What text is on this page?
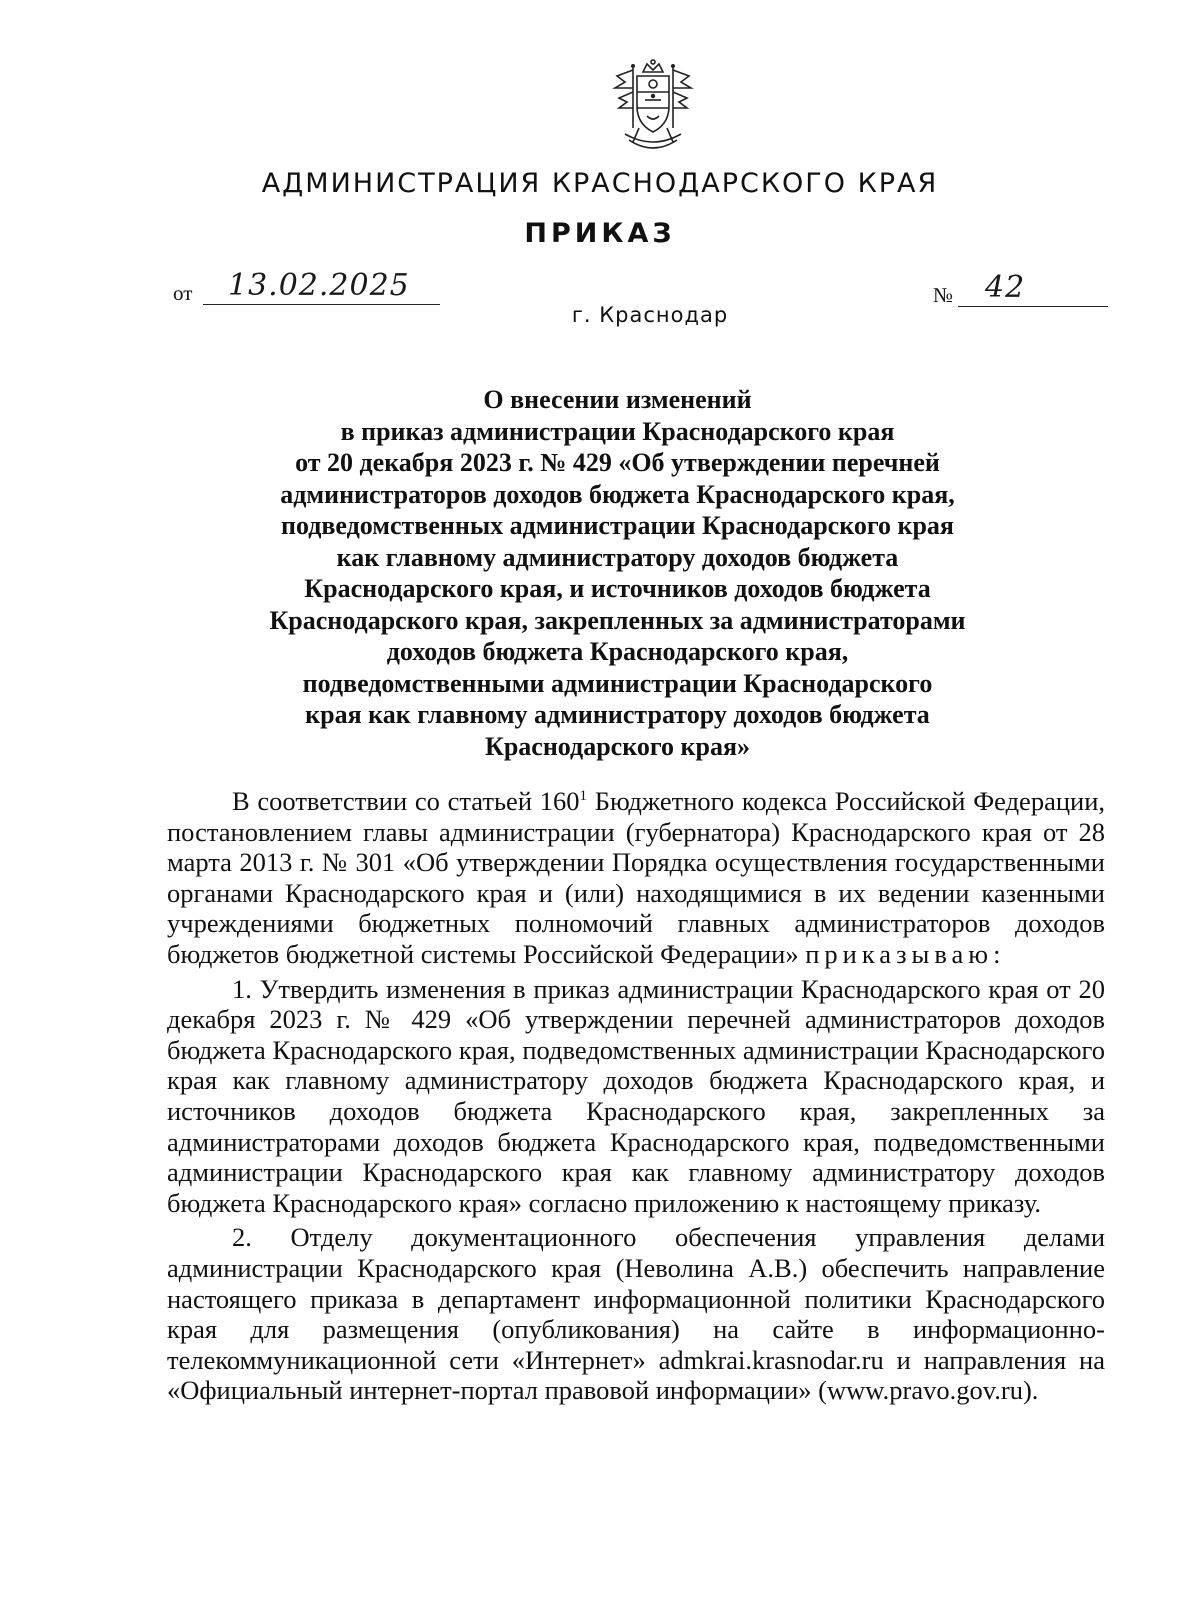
АДМИНИСТРАЦИЯ КРАСНОДАРСКОГО КРАЯ
ПРИКАЗ
от 13.02.2025	№ 42
г. Краснодар
О внесении изменений
в приказ администрации Краснодарского края
от 20 декабря 2023 г. № 429 «Об утверждении перечней
администраторов доходов бюджета Краснодарского края,
подведомственных администрации Краснодарского края
как главному администратору доходов бюджета
Краснодарского края, и источников доходов бюджета
Краснодарского края, закрепленных за администраторами
доходов бюджета Краснодарского края,
подведомственными администрации Краснодарского
края как главному администратору доходов бюджета
Краснодарского края»

В соответствии со статьей $160^1$ Бюджетного кодекса Российской Федерации, постановлением главы администрации (губернатора) Краснодарского края от 28 марта 2013 г. № 301 «Об утверждении Порядка осуществления государственными органами Краснодарского края и (или) находящимися в их ведении казенными учреждениями бюджетных полномочий главных администраторов доходов бюджетов бюджетной системы Российской Федерации» приказываю:

1. Утвердить изменения в приказ администрации Краснодарского края от 20 декабря 2023 г. № 429 «Об утверждении перечней администраторов доходов бюджета Краснодарского края, подведомственных администрации Краснодарского края как главному администратору доходов бюджета Краснодарского края, и источников доходов бюджета Краснодарского края, закрепленных за администраторами доходов бюджета Краснодарского края, подведомственными администрации Краснодарского края как главному администратору доходов бюджета Краснодарского края» согласно приложению к настоящему приказу.

2. Отделу документационного обеспечения управления делами администрации Краснодарского края (Неволина А.В.) обеспечить направление настоящего приказа в департамент информационной политики Краснодарского края для размещения (опубликования) на сайте в информационно-телекоммуникационной сети «Интернет» admkrai.krasnodar.ru и направления на «Официальный интернет-портал правовой информации» (www.pravo.gov.ru).
